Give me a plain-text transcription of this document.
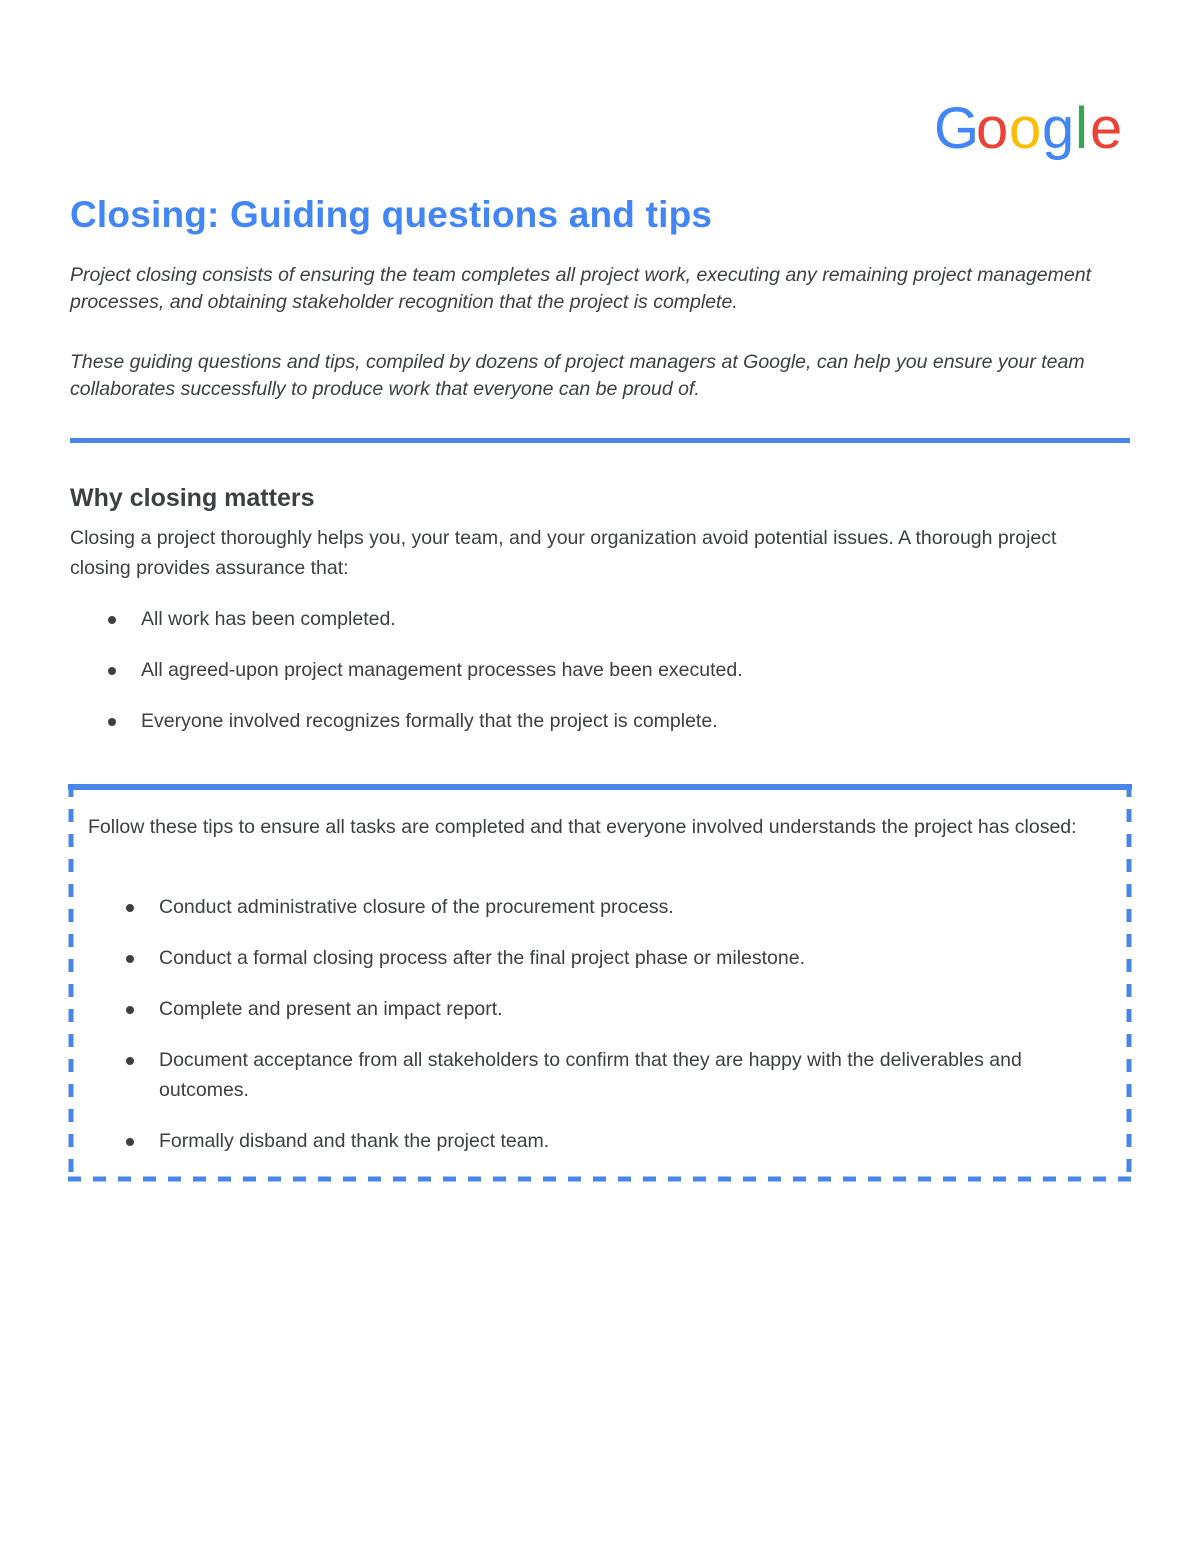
G
o o g l e
Closing: Guiding questions and tips

Project closing consists of ensuring the team completes all project work, executing any remaining project management processes, and obtaining stakeholder recognition that the project is complete.

These guiding questions and tips, compiled by dozens of project managers at Google, can help you ensure your team collaborates successfully to produce work that everyone can be proud of.

Why closing matters

Closing a project thoroughly helps you, your team, and your organization avoid potential issues. A thorough project closing provides assurance that:

All work has been completed.
All agreed-upon project management processes have been executed.
Everyone involved recognizes formally that the project is complete.

Follow these tips to ensure all tasks are completed and that everyone involved understands the project has closed:

Conduct administrative closure of the procurement process.
Conduct a formal closing process after the final project phase or milestone.
Complete and present an impact report.
Document acceptance from all stakeholders to confirm that they are happy with the deliverables and outcomes.
Formally disband and thank the project team.
